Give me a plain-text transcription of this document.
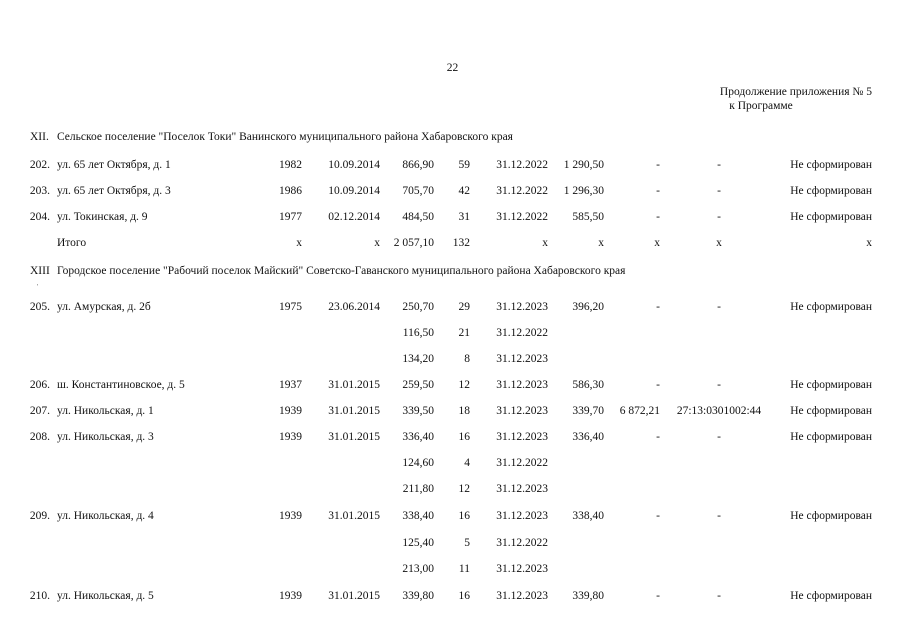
22
Продолжение приложения № 5
к Программе
XII. Сельское поселение "Поселок Токи" Ванинского муниципального района Хабаровского края
XIII Городское поселение "Рабочий поселок Майский" Советско-Гаванского муниципального района Хабаровского края
'
202. ул. 65 лет Октября, д. 1	1982	10.09.2014	866,90	59	31.12.2022	1 290,50	-	-	Не сформирован
203. ул. 65 лет Октября, д. 3	1986	10.09.2014	705,70	42	31.12.2022	1 296,30	-	-	Не сформирован
204. ул. Токинская, д. 9	1977	02.12.2014	484,50	31	31.12.2022	585,50	-	-	Не сформирован
Итого	x	x	2 057,10	132	x	x	x	x	x
205. ул. Амурская, д. 2б	1975	23.06.2014	250,70	29	31.12.2023	396,20	-	-	Не сформирован
116,50	21	31.12.2022
134,20	8	31.12.2023
206. ш. Константиновское, д. 5	1937	31.01.2015	259,50	12	31.12.2023	586,30	-	-	Не сформирован
207. ул. Никольская, д. 1	1939	31.01.2015	339,50	18	31.12.2023	339,70	6 872,21	27:13:0301002:44	Не сформирован
208. ул. Никольская, д. 3	1939	31.01.2015	336,40	16	31.12.2023	336,40	-	-	Не сформирован
124,60	4	31.12.2022
211,80	12	31.12.2023
209. ул. Никольская, д. 4	1939	31.01.2015	338,40	16	31.12.2023	338,40	-	-	Не сформирован
125,40	5	31.12.2022
213,00	11	31.12.2023
210. ул. Никольская, д. 5	1939	31.01.2015	339,80	16	31.12.2023	339,80	-	-	Не сформирован
